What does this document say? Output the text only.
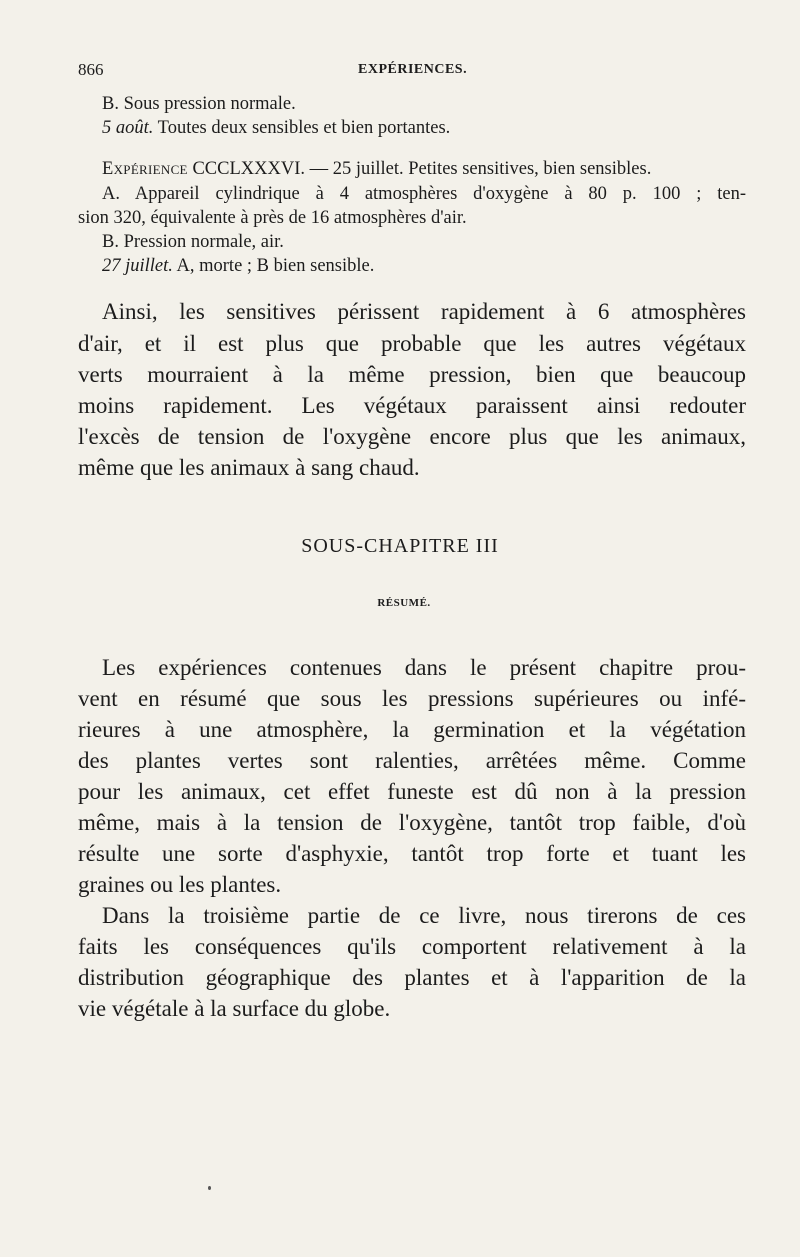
866	EXPÉRIENCES.
B. Sous pression normale.
5 août. Toutes deux sensibles et bien portantes.
Expérience CCCLXXXVI. — 25 juillet. Petites sensitives, bien sensibles.
A. Appareil cylindrique à 4 atmosphères d'oxygène à 80 p. 100 ; ten-
sion 320, équivalente à près de 16 atmosphères d'air.
B. Pression normale, air.
27 juillet. A, morte ; B bien sensible.
Ainsi, les sensitives périssent rapidement à 6 atmosphères
d'air, et il est plus que probable que les autres végétaux
verts mourraient à la même pression, bien que beaucoup
moins rapidement. Les végétaux paraissent ainsi redouter
l'excès de tension de l'oxygène encore plus que les animaux,
même que les animaux à sang chaud.
SOUS-CHAPITRE III
RÉSUMÉ.
Les expériences contenues dans le présent chapitre prou-
vent en résumé que sous les pressions supérieures ou infé-
rieures à une atmosphère, la germination et la végétation
des plantes vertes sont ralenties, arrêtées même. Comme
pour les animaux, cet effet funeste est dû non à la pression
même, mais à la tension de l'oxygène, tantôt trop faible, d'où
résulte une sorte d'asphyxie, tantôt trop forte et tuant les
graines ou les plantes.
Dans la troisième partie de ce livre, nous tirerons de ces
faits les conséquences qu'ils comportent relativement à la
distribution géographique des plantes et à l'apparition de la
vie végétale à la surface du globe.
